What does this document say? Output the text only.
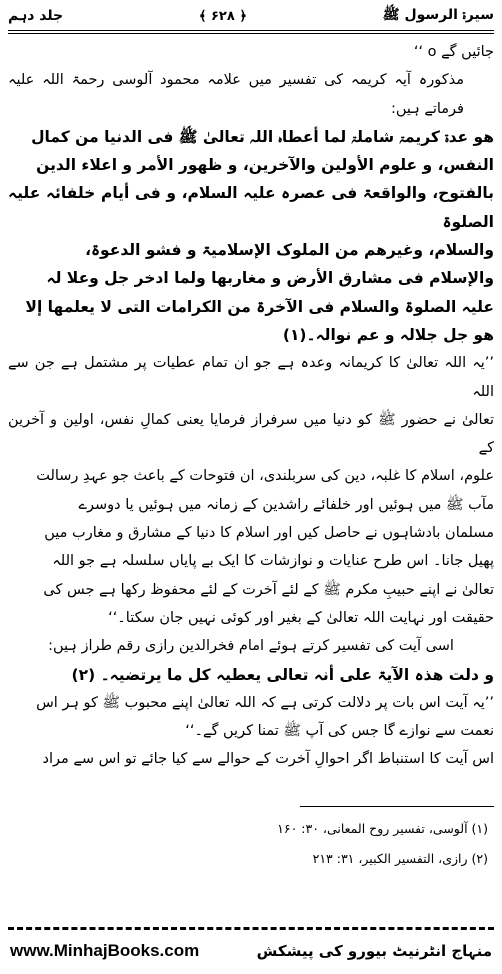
سیرۃ الرسول ﷺ
﴿ ۶۲۸ ﴾
جلد دہم

جائیں گے o ‘‘

مذکورہ آیہ کریمہ کی تفسیر میں علامہ محمود آلوسی رحمۃ اللہ علیہ فرماتے ہیں:

ھو عدۃ کریمۃ شاملۃ لما أعطاہ اللہ تعالیٰ ﷺ فی الدنیا من کمال

النفس، و علوم الأولین والآخرین، و ظھور الأمر و اعلاء الدین

بالفتوح، والواقعۃ فی عصرہ علیہ السلام، و فی أیام خلفائہ علیہ الصلوۃ

والسلام، وغیرھم من الملوک الإسلامیۃ و فشو الدعوۃ،

والإسلام فی مشارق الأرض و مغاربھا ولما ادخر جل وعلا لہ

علیہ الصلوۃ والسلام فی الآخرۃ من الکرامات التی لا یعلمھا إلا

ھو جل جلالہ و عم نوالہ۔(۱)

’’یہ اللہ تعالیٰ کا کریمانہ وعدہ ہے جو ان تمام عطیات پر مشتمل ہے جن سے اللہ

تعالیٰ نے حضور ﷺ کو دنیا میں سرفراز فرمایا یعنی کمالِ نفس، اولین و آخرین کے

علوم، اسلام کا غلبہ، دین کی سربلندی، ان فتوحات کے باعث جو عہدِ رسالت

مآب ﷺ میں ہوئیں اور خلفائے راشدین کے زمانہ میں ہوئیں یا دوسرے

مسلمان بادشاہوں نے حاصل کیں اور اسلام کا دنیا کے مشارق و مغارب میں

پھیل جانا۔ اس طرح عنایات و نوازشات کا ایک بے پایاں سلسلہ ہے جو اللہ

تعالیٰ نے اپنے حبیبِ مکرم ﷺ کے لئے آخرت کے لئے محفوظ رکھا ہے جس کی

حقیقت اور نہایت اللہ تعالیٰ کے بغیر اور کوئی نہیں جان سکتا۔‘‘

اسی آیت کی تفسیر کرتے ہوئے امام فخرالدین رازی رقم طراز ہیں:

و دلت ھذہ الآیۃ علی أنہ تعالی یعطیہ کل ما یرتضیہ۔ (۲)

’’یہ آیت اس بات پر دلالت کرتی ہے کہ اللہ تعالیٰ اپنے محبوب ﷺ کو ہر اس

نعمت سے نوازے گا جس کی آپ ﷺ تمنا کریں گے۔‘‘

اس آیت کا استنباط اگر احوالِ آخرت کے حوالے سے کیا جائے تو اس سے مراد

(۱) آلوسی، تفسیر روح المعانی، ۳۰: ۱۶۰

(۲) رازی، التفسیر الکبیر، ۳۱: ۲۱۳

www.MinhajBooks.com	منہاج انٹرنیٹ بیورو کی پیشکش
